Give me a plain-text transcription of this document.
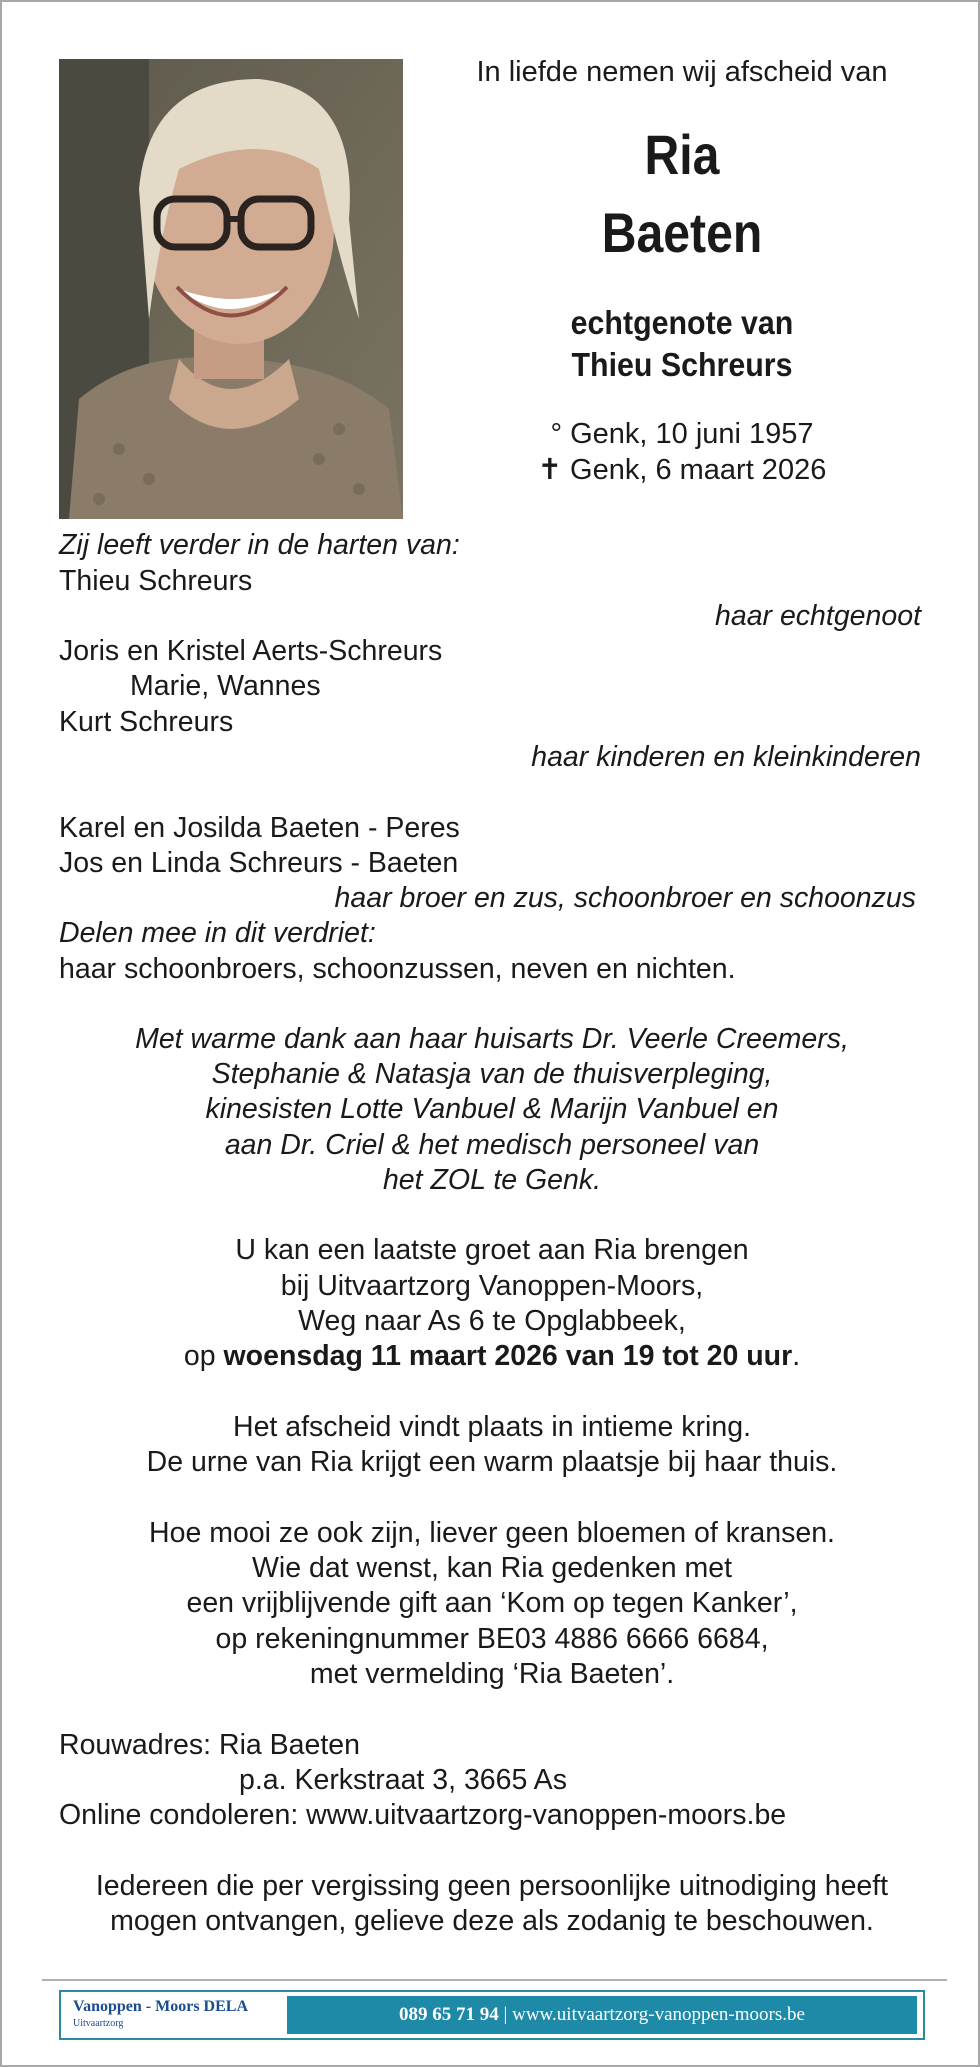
In liefde nemen wij afscheid van
Ria
Baeten
echtgenote van
Thieu Schreurs
° Genk, 10 juni 1957
✝ Genk, 6 maart 2026
Zij leeft verder in de harten van:
Thieu Schreurs
haar echtgenoot
Joris en Kristel Aerts-Schreurs
Marie, Wannes
Kurt Schreurs
haar kinderen en kleinkinderen
Karel en Josilda Baeten - Peres
Jos en Linda Schreurs - Baeten
haar broer en zus, schoonbroer en schoonzus
Delen mee in dit verdriet:
haar schoonbroers, schoonzussen, neven en nichten.
Met warme dank aan haar huisarts Dr. Veerle Creemers,
Stephanie & Natasja van de thuisverpleging,
kinesisten Lotte Vanbuel & Marijn Vanbuel en
aan Dr. Criel & het medisch personeel van
het ZOL te Genk.
U kan een laatste groet aan Ria brengen
bij Uitvaartzorg Vanoppen-Moors,
Weg naar As 6 te Opglabbeek,
op woensdag 11 maart 2026 van 19 tot 20 uur.
Het afscheid vindt plaats in intieme kring.
De urne van Ria krijgt een warm plaatsje bij haar thuis.
Hoe mooi ze ook zijn, liever geen bloemen of kransen.
Wie dat wenst, kan Ria gedenken met
een vrijblijvende gift aan ‘Kom op tegen Kanker’,
op rekeningnummer BE03 4886 6666 6684,
met vermelding ‘Ria Baeten’.
Rouwadres: Ria Baeten
p.a. Kerkstraat 3, 3665 As
Online condoleren: www.uitvaartzorg-vanoppen-moors.be
Iedereen die per vergissing geen persoonlijke uitnodiging heeft
mogen ontvangen, gelieve deze als zodanig te beschouwen.
Vanoppen - Moors DELA
Uitvaartzorg	089 65 71 94 | www.uitvaartzorg-vanoppen-moors.be
